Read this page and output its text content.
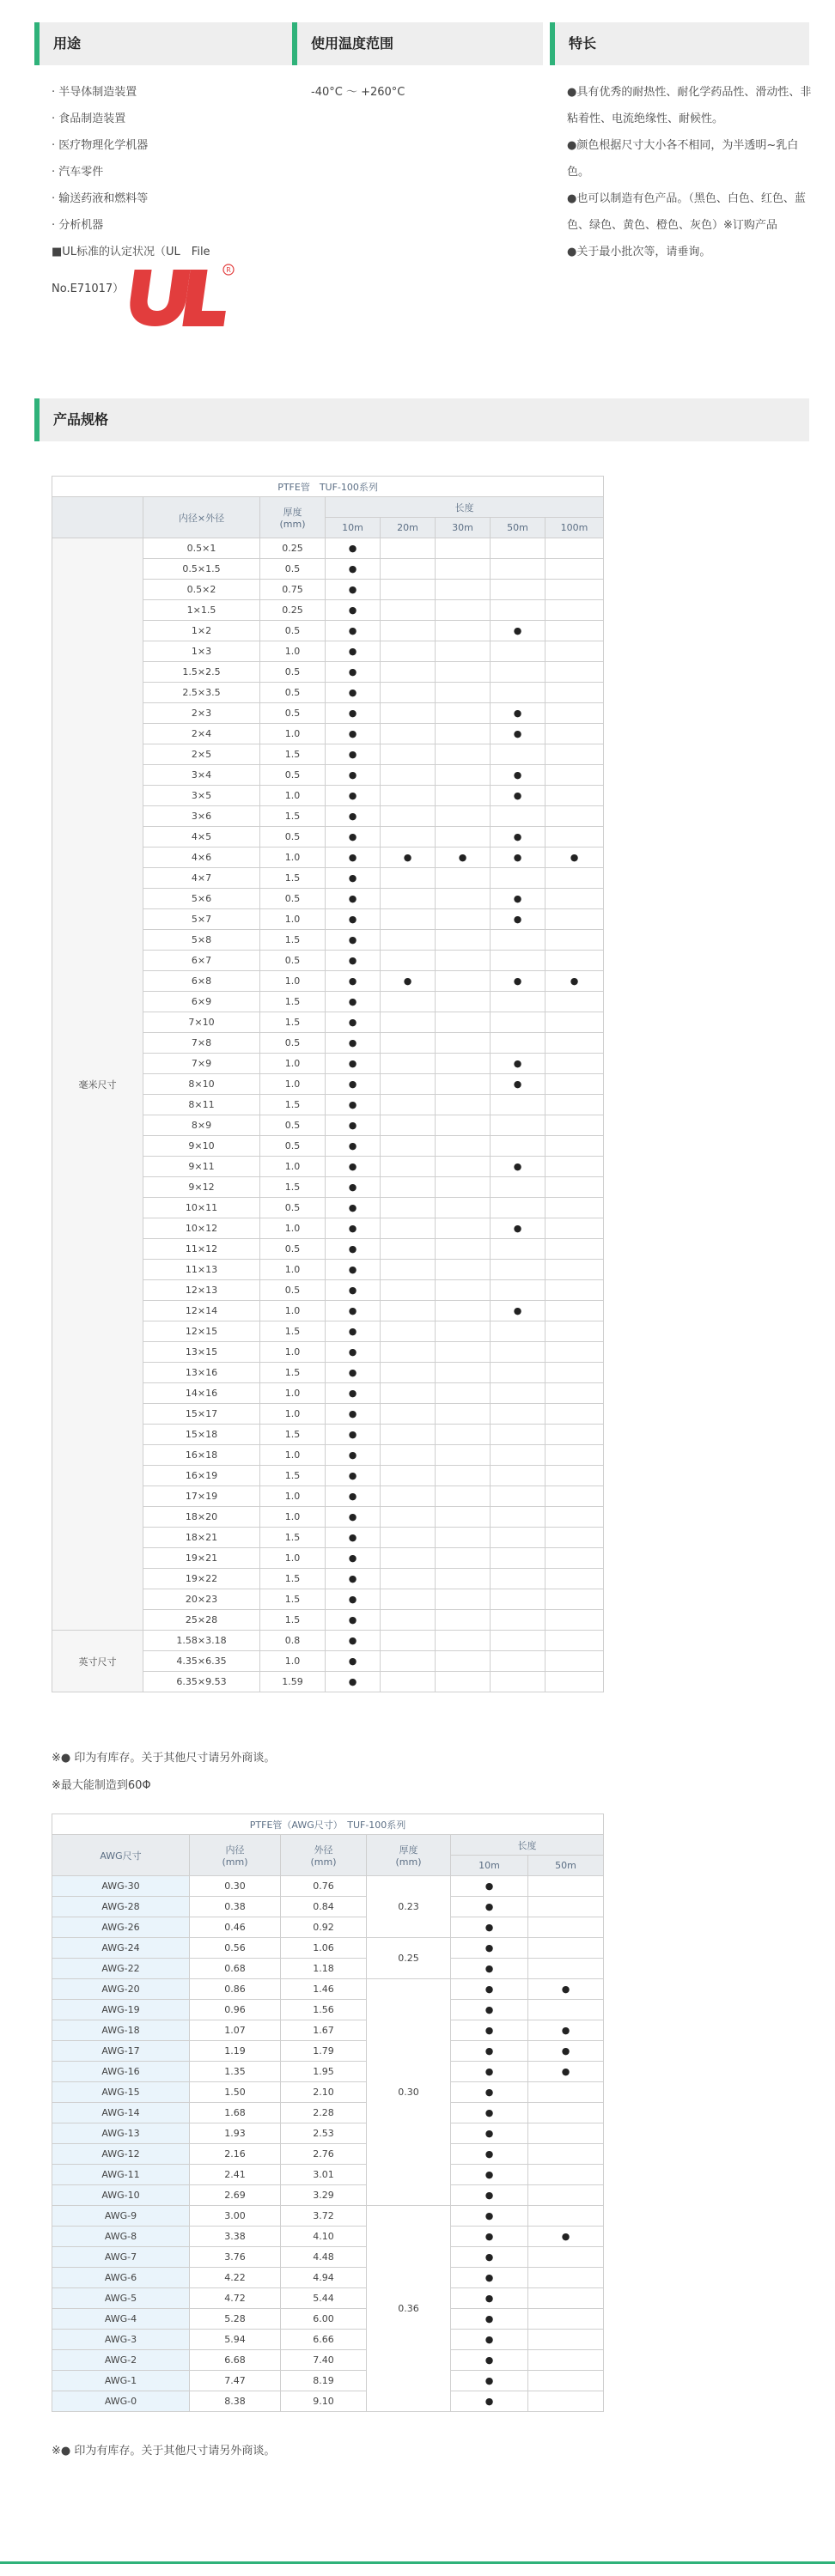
用途	使用温度范围	特长
· 半导体制造装置
· 食品制造装置
· 医疗物理化学机器
· 汽车零件
· 输送药液和燃料等
· 分析机器
■UL标准的认定状况（UL　File
No.E71017）
-40°C ～ +260°C	●具有优秀的耐热性、耐化学药品性、滑动性、非粘着性、电流绝缘性、耐候性。
●颜色根据尺寸大小各不相同，为半透明~乳白色。
●也可以制造有色产品。（黑色、白色、红色、蓝色、绿色、黄色、橙色、灰色）※订购产品
●关于最小批次等，请垂询。
R
产品规格
PTFE管　TUF-100系列							
	内径×外径	厚度
(mm)	长度				
			10m	20m	30m	50m	100m
毫米尺寸	0.5×1	0.25	●				
	0.5×1.5	0.5	●				
	0.5×2	0.75	●				
	1×1.5	0.25	●				
	1×2	0.5	●			●	
	1×3	1.0	●				
	1.5×2.5	0.5	●				
	2.5×3.5	0.5	●				
	2×3	0.5	●			●	
	2×4	1.0	●			●	
	2×5	1.5	●				
	3×4	0.5	●			●	
	3×5	1.0	●			●	
	3×6	1.5	●				
	4×5	0.5	●			●	
	4×6	1.0	●	●	●	●	●
	4×7	1.5	●				
	5×6	0.5	●			●	
	5×7	1.0	●			●	
	5×8	1.5	●				
	6×7	0.5	●				
	6×8	1.0	●	●		●	●
	6×9	1.5	●				
	7×10	1.5	●				
	7×8	0.5	●				
	7×9	1.0	●			●	
	8×10	1.0	●			●	
	8×11	1.5	●				
	8×9	0.5	●				
	9×10	0.5	●				
	9×11	1.0	●			●	
	9×12	1.5	●				
	10×11	0.5	●				
	10×12	1.0	●			●	
	11×12	0.5	●				
	11×13	1.0	●				
	12×13	0.5	●				
	12×14	1.0	●			●	
	12×15	1.5	●				
	13×15	1.0	●				
	13×16	1.5	●				
	14×16	1.0	●				
	15×17	1.0	●				
	15×18	1.5	●				
	16×18	1.0	●				
	16×19	1.5	●				
	17×19	1.0	●				
	18×20	1.0	●				
	18×21	1.5	●				
	19×21	1.0	●				
	19×22	1.5	●				
	20×23	1.5	●				
	25×28	1.5	●				
英寸尺寸	1.58×3.18	0.8	●				
	4.35×6.35	1.0	●				
	6.35×9.53	1.59	●				
※● 印为有库存。关于其他尺寸请另外商谈。
※最大能制造到60Φ
PTFE管（AWG尺寸）　TUF-100系列					
AWG尺寸	内径
(mm)	外径
(mm)	厚度
(mm)	长度	
				10m	50m
AWG-30	0.30	0.76	0.23	●	
AWG-28	0.38	0.84		●	
AWG-26	0.46	0.92		●	
AWG-24	0.56	1.06	0.25	●	
AWG-22	0.68	1.18		●	
AWG-20	0.86	1.46	0.30	●	●
AWG-19	0.96	1.56		●	
AWG-18	1.07	1.67		●	●
AWG-17	1.19	1.79		●	●
AWG-16	1.35	1.95		●	●
AWG-15	1.50	2.10		●	
AWG-14	1.68	2.28		●	
AWG-13	1.93	2.53		●	
AWG-12	2.16	2.76		●	
AWG-11	2.41	3.01		●	
AWG-10	2.69	3.29		●	
AWG-9	3.00	3.72	0.36	●	
AWG-8	3.38	4.10		●	●
AWG-7	3.76	4.48		●	
AWG-6	4.22	4.94		●	
AWG-5	4.72	5.44		●	
AWG-4	5.28	6.00		●	
AWG-3	5.94	6.66		●	
AWG-2	6.68	7.40		●	
AWG-1	7.47	8.19		●	
AWG-0	8.38	9.10		●	
※● 印为有库存。关于其他尺寸请另外商谈。
